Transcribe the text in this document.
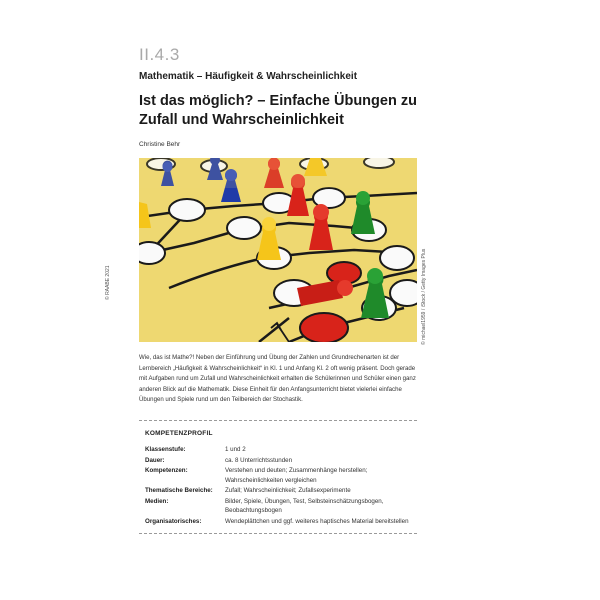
II.4.3
Mathematik – Häufigkeit & Wahrscheinlichkeit
Ist das möglich? – Einfache Übungen zu Zufall und Wahrscheinlichkeit
Christine Behr
© RAABE 2021	© michael1959 / iStock / Getty Images Plus
Wie, das ist Mathe?! Neben der Einführung und Übung der Zahlen und Grundrechenarten ist der Lernbereich „Häufigkeit & Wahrscheinlichkeit“ in Kl. 1 und Anfang Kl. 2 oft wenig präsent. Doch gerade mit Aufgaben rund um Zufall und Wahrscheinlichkeit erhalten die Schülerinnen und Schüler einen ganz anderen Blick auf die Mathematik. Diese Einheit für den Anfangsunterricht bietet vielerlei einfache Übungen und Spiele rund um den Teilbereich der Stochastik.
KOMPETENZPROFIL
Klassenstufe:	1 und 2
Dauer:	ca. 8 Unterrichtsstunden
Kompetenzen:	Verstehen und deuten; Zusammenhänge herstellen; Wahrscheinlichkeiten vergleichen
Thematische Bereiche:	Zufall; Wahrscheinlichkeit; Zufallsexperimente
Medien:	Bilder, Spiele, Übungen, Test, Selbsteinschätzungsbogen, Beobachtungsbogen
Organisatorisches:	Wendeplättchen und ggf. weiteres haptisches Material bereitstellen
